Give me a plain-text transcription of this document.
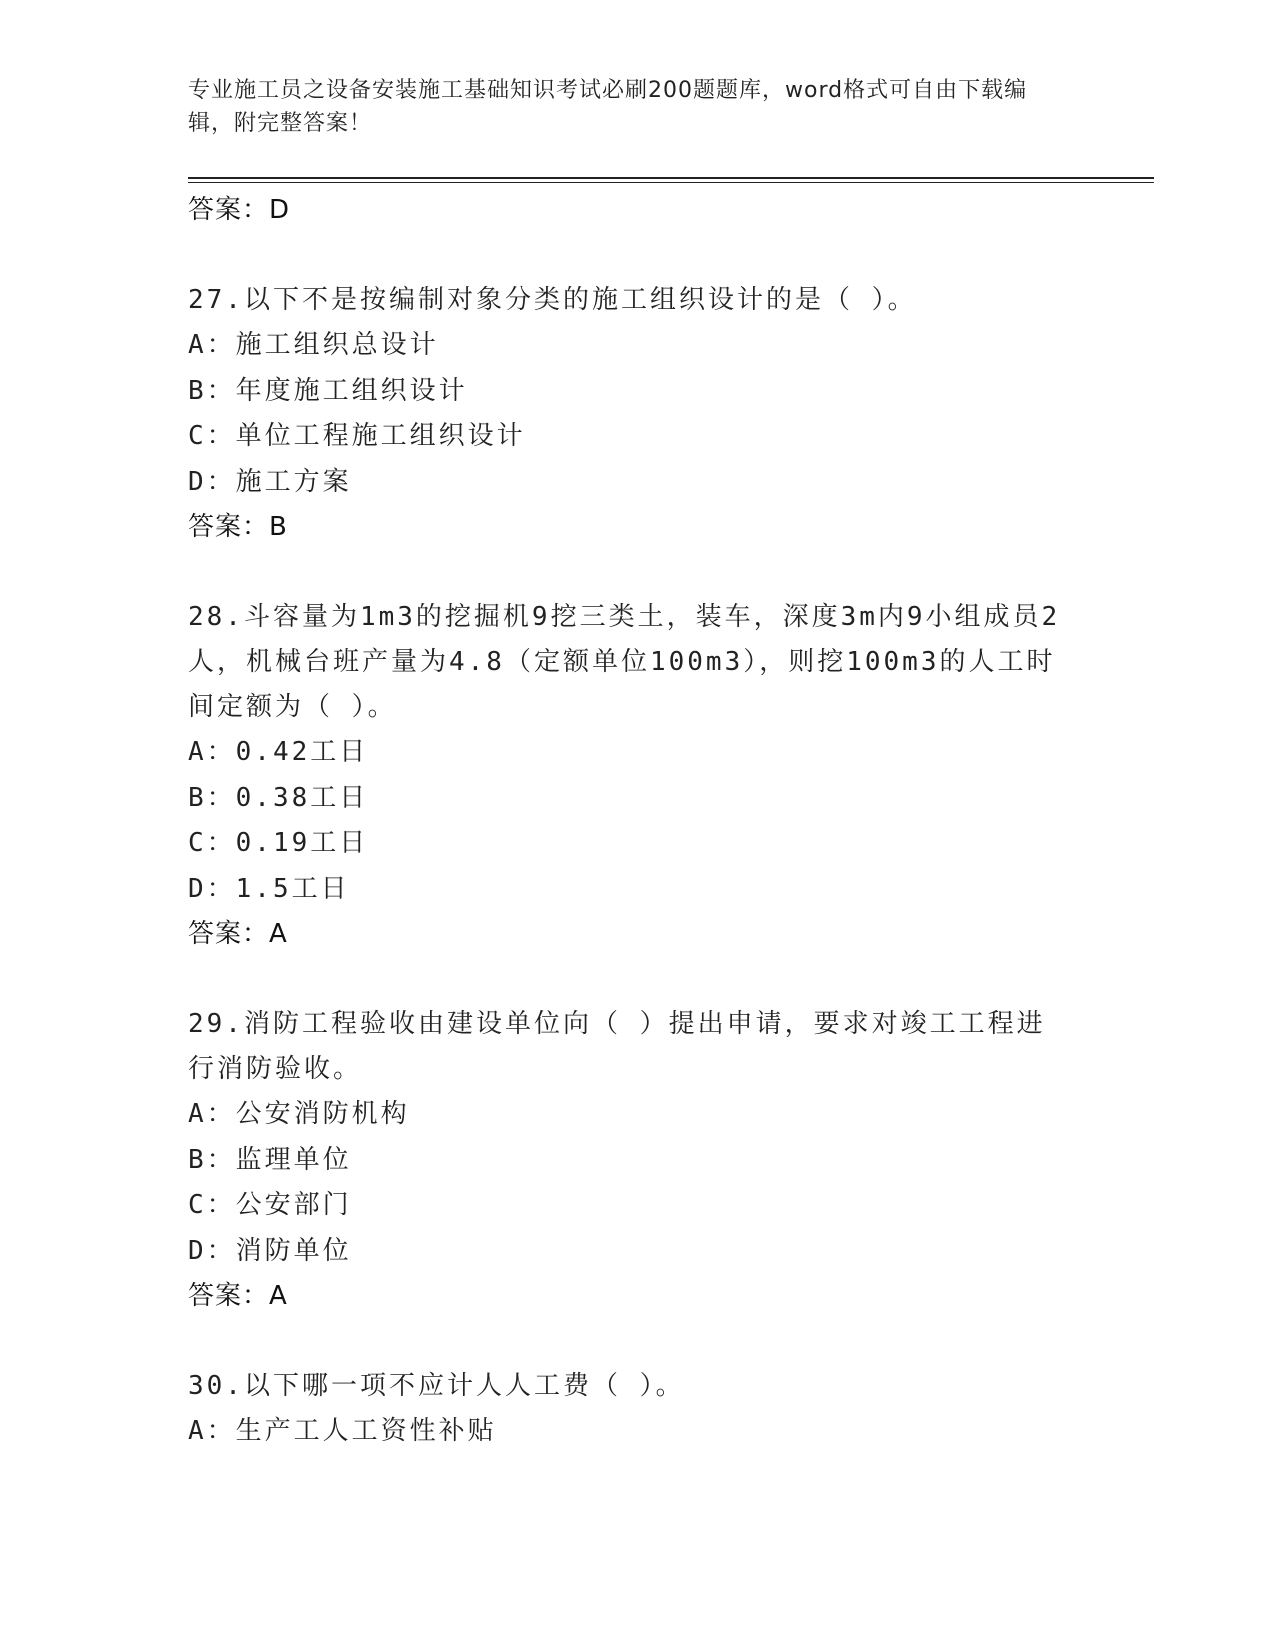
专业施工员之设备安装施工基础知识考试必刷200题题库，word格式可自由下载编辑，附完整答案！
答案：D
27.以下不是按编制对象分类的施工组织设计的是（ ）。
A：施工组织总设计
B：年度施工组织设计
C：单位工程施工组织设计
D：施工方案
答案：B
28.斗容量为1m3的挖掘机9挖三类土，装车，深度3m内9小组成员2人，机械台班产量为4.8（定额单位100m3），则挖100m3的人工时间定额为（ ）。
A：0.42工日
B：0.38工日
C：0.19工日
D：1.5工日
答案：A
29.消防工程验收由建设单位向（ ）提出申请，要求对竣工工程进行消防验收。
A：公安消防机构
B：监理单位
C：公安部门
D：消防单位
答案：A
30.以下哪一项不应计人人工费（ ）。
A：生产工人工资性补贴
